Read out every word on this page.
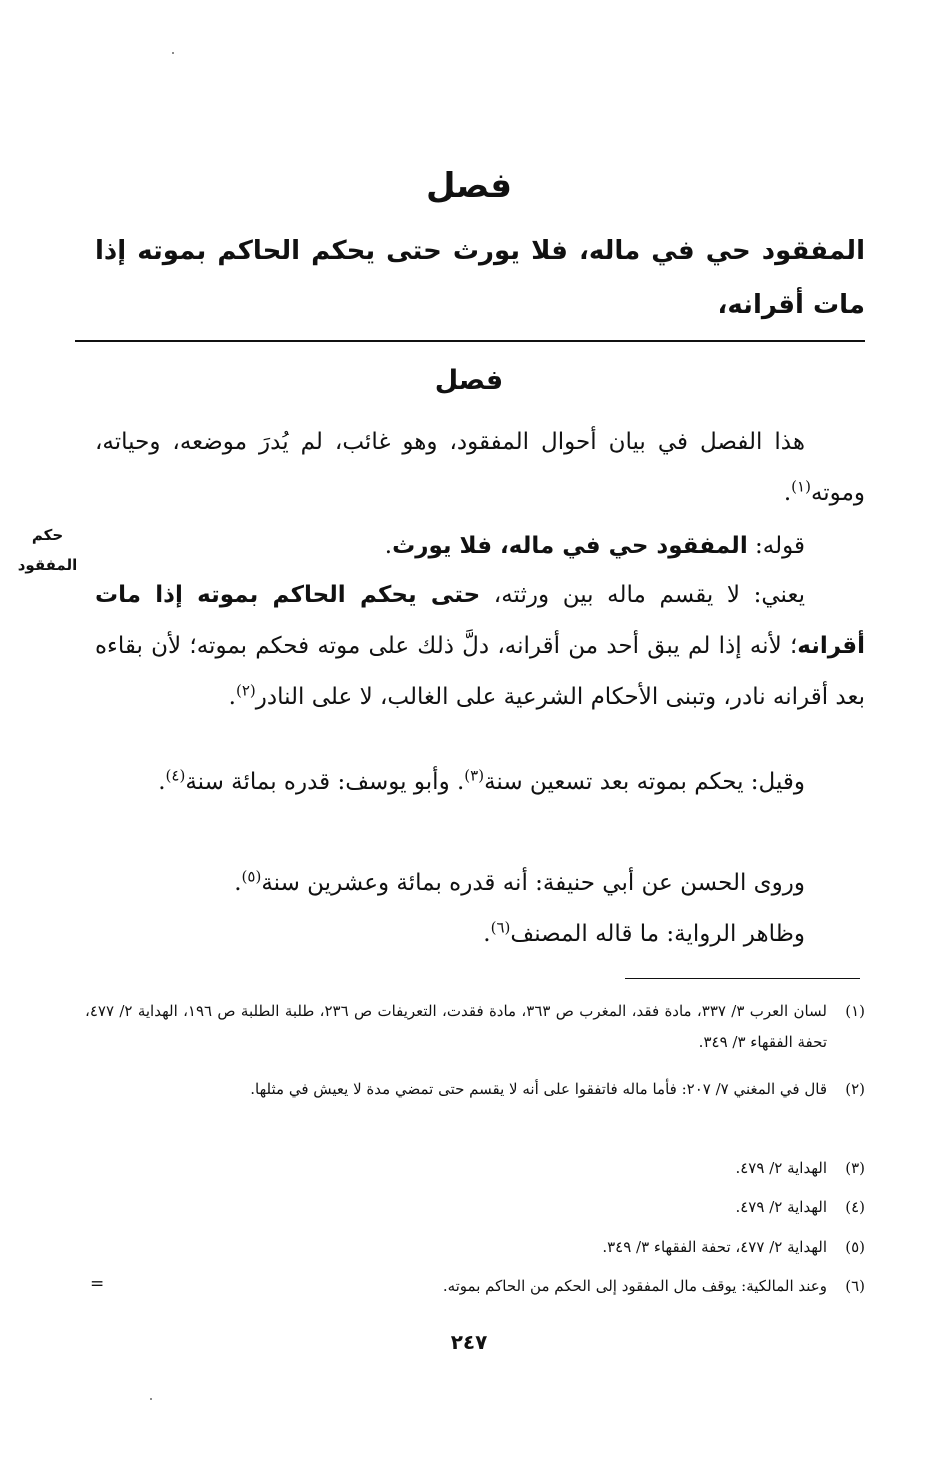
فصل
المفقود حي في ماله، فلا يورث حتى يحكم الحاكم بموته إذا مات أقرانه،
فصل
هذا الفصل في بيان أحوال المفقود، وهو غائب، لم يُدرَ موضعه، وحياته، وموته$^{(١)}$.
قوله: المفقود حي في ماله، فلا يورث.
يعني: لا يقسم ماله بين ورثته، حتى يحكم الحاكم بموته إذا مات أقرانه؛ لأنه إذا لم يبق أحد من أقرانه، دلَّ ذلك على موته فحكم بموته؛ لأن بقاءه بعد أقرانه نادر، وتبنى الأحكام الشرعية على الغالب، لا على النادر$^{(٢)}$.
وقيل: يحكم بموته بعد تسعين سنة$^{(٣)}$. وأبو يوسف: قدره بمائة سنة$^{(٤)}$.
وروى الحسن عن أبي حنيفة: أنه قدره بمائة وعشرين سنة$^{(٥)}$.
وظاهر الرواية: ما قاله المصنف$^{(٦)}$.
حكم
المفقود
(١)
لسان العرب ٣/ ٣٣٧، مادة فقد، المغرب ص ٣٦٣، مادة فقدت، التعريفات ص ٢٣٦، طلبة الطلبة ص ١٩٦، الهداية ٢/ ٤٧٧، تحفة الفقهاء ٣/ ٣٤٩.
(٢)
قال في المغني ٧/ ٢٠٧: فأما ماله فاتفقوا على أنه لا يقسم حتى تمضي مدة لا يعيش في مثلها.
(٣)
الهداية ٢/ ٤٧٩.
(٤)
الهداية ٢/ ٤٧٩.
(٥)
الهداية ٢/ ٤٧٧، تحفة الفقهاء ٣/ ٣٤٩.
(٦)
وعند المالكية: يوقف مال المفقود إلى الحكم من الحاكم بموته.
=
٢٤٧
